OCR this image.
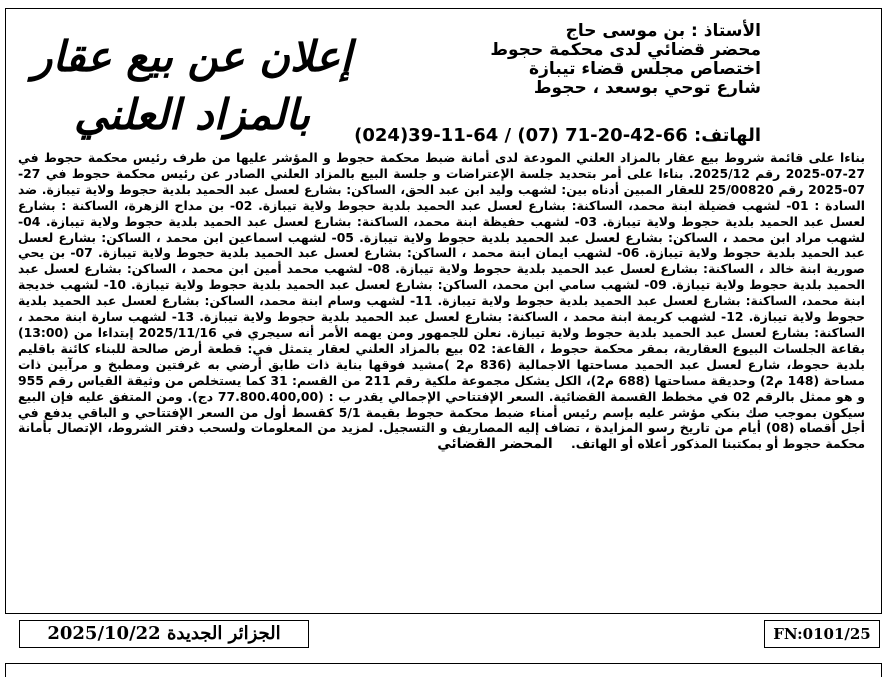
الأستاذ : بن موسى حاج
محضر قضائي لدى محكمة حجوط
اختصاص مجلس قضاء تيبازة
شارع توحي بوسعد ، حجوط
الهاتف: (024)39-11-64 / (07) 71-20-42-66
إعلان عن بيع عقار
بالمزاد العلني
بناءا على قائمة شروط بيع عقار بالمزاد العلني المودعة لدى أمانة ضبط محكمة حجوط و المؤشر عليها من طرف رئيس محكمة حجوط في 27-07-2025 رقم 2025/12. بناءا على أمر بتحديد جلسة الإعتراضات و جلسة البيع بالمزاد العلني الصادر عن رئيس محكمة حجوط في 27-07-2025 رقم 25/00820 للعقار المبين أدناه بين: لشهب وليد ابن عبد الحق، الساكن: بشارع لعسل عبد الحميد بلدية حجوط ولاية تيبازة. ضد السادة : 01- لشهب فضيلة ابنة محمد، الساكنة: بشارع لعسل عبد الحميد بلدية حجوط ولاية تيبازة. 02- بن مداح الزهرة، الساكنة : بشارع لعسل عبد الحميد بلدية حجوط ولاية تيبازة. 03- لشهب حفيظة ابنة محمد، الساكنة: بشارع لعسل عبد الحميد بلدية حجوط ولاية تيبازة. 04- لشهب مراد ابن محمد ، الساكن: بشارع لعسل عبد الحميد بلدية حجوط ولاية تيبازة. 05- لشهب اسماعين ابن محمد ، الساكن: بشارع لعسل عبد الحميد بلدية حجوط ولاية تيبازة. 06- لشهب ايمان ابنة محمد ، الساكن: بشارع لعسل عبد الحميد بلدية حجوط ولاية تيبازة. 07- بن يحي صورية ابنة خالد ، الساكنة: بشارع لعسل عبد الحميد بلدية حجوط ولاية تيبازة. 08- لشهب محمد أمين ابن محمد ، الساكن: بشارع لعسل عبد الحميد بلدية حجوط ولاية تيبازة. 09- لشهب سامي ابن محمد، الساكن: بشارع لعسل عبد الحميد بلدية حجوط ولاية تيبازة. 10- لشهب خديجة ابنة محمد، الساكنة: بشارع لعسل عبد الحميد بلدية حجوط ولاية تيبازة. 11- لشهب وسام ابنة محمد، الساكن: بشارع لعسل عبد الحميد بلدية حجوط ولاية تيبازة. 12- لشهب كريمة ابنة محمد ، الساكنة: بشارع لعسل عبد الحميد بلدية حجوط ولاية تيبازة. 13- لشهب سارة ابنة محمد ، الساكنة: بشارع لعسل عبد الحميد بلدية حجوط ولاية تيبازة. نعلن للجمهور ومن يهمه الأمر أنه سيجري في 2025/11/16 إبتداءا من (13:00) بقاعة الجلسات البيوع العقارية، بمقر محكمة حجوط ، القاعة: 02 بيع بالمزاد العلني لعقار يتمثل في: قطعة أرض صالحة للبناء كائنة باقليم بلدية حجوط، شارع لعسل عبد الحميد مساحتها الاجمالية (836 م2 )مشيد فوقها بناية ذات طابق أرضي به غرفتين ومطبخ و مرآبين ذات مساحة (148 م2) وحديقة مساحتها (688 م2)، الكل يشكل مجموعة ملكية رقم 211 من القسم: 31 كما يستخلص من وثيقة القياس رقم 955 و هو ممثل بالرقم 02 في مخطط القسمة القضائية. السعر الإفتتاحي الإجمالي يقدر ب : (77.800.400,00 دج). ومن المتفق عليه فإن البيع سيكون بموجب صك بنكي مؤشر عليه بإسم رئيس أمناء ضبط محكمة حجوط بقيمة 5/1 كقسط أول من السعر الإفتتاحي و الباقي يدفع في أجل أقصاه (08) أيام من تاريخ رسو المزايدة ، تضاف إليه المصاريف و التسجيل. لمزيد من المعلومات ولسحب دفتر الشروط، الإتصال بأمانة محكمة حجوط أو بمكتبنا المذكور أعلاه أو الهاتف. المحضر القضائي
الجزائر الجديدة 2025/10/22	FN:0101/25
